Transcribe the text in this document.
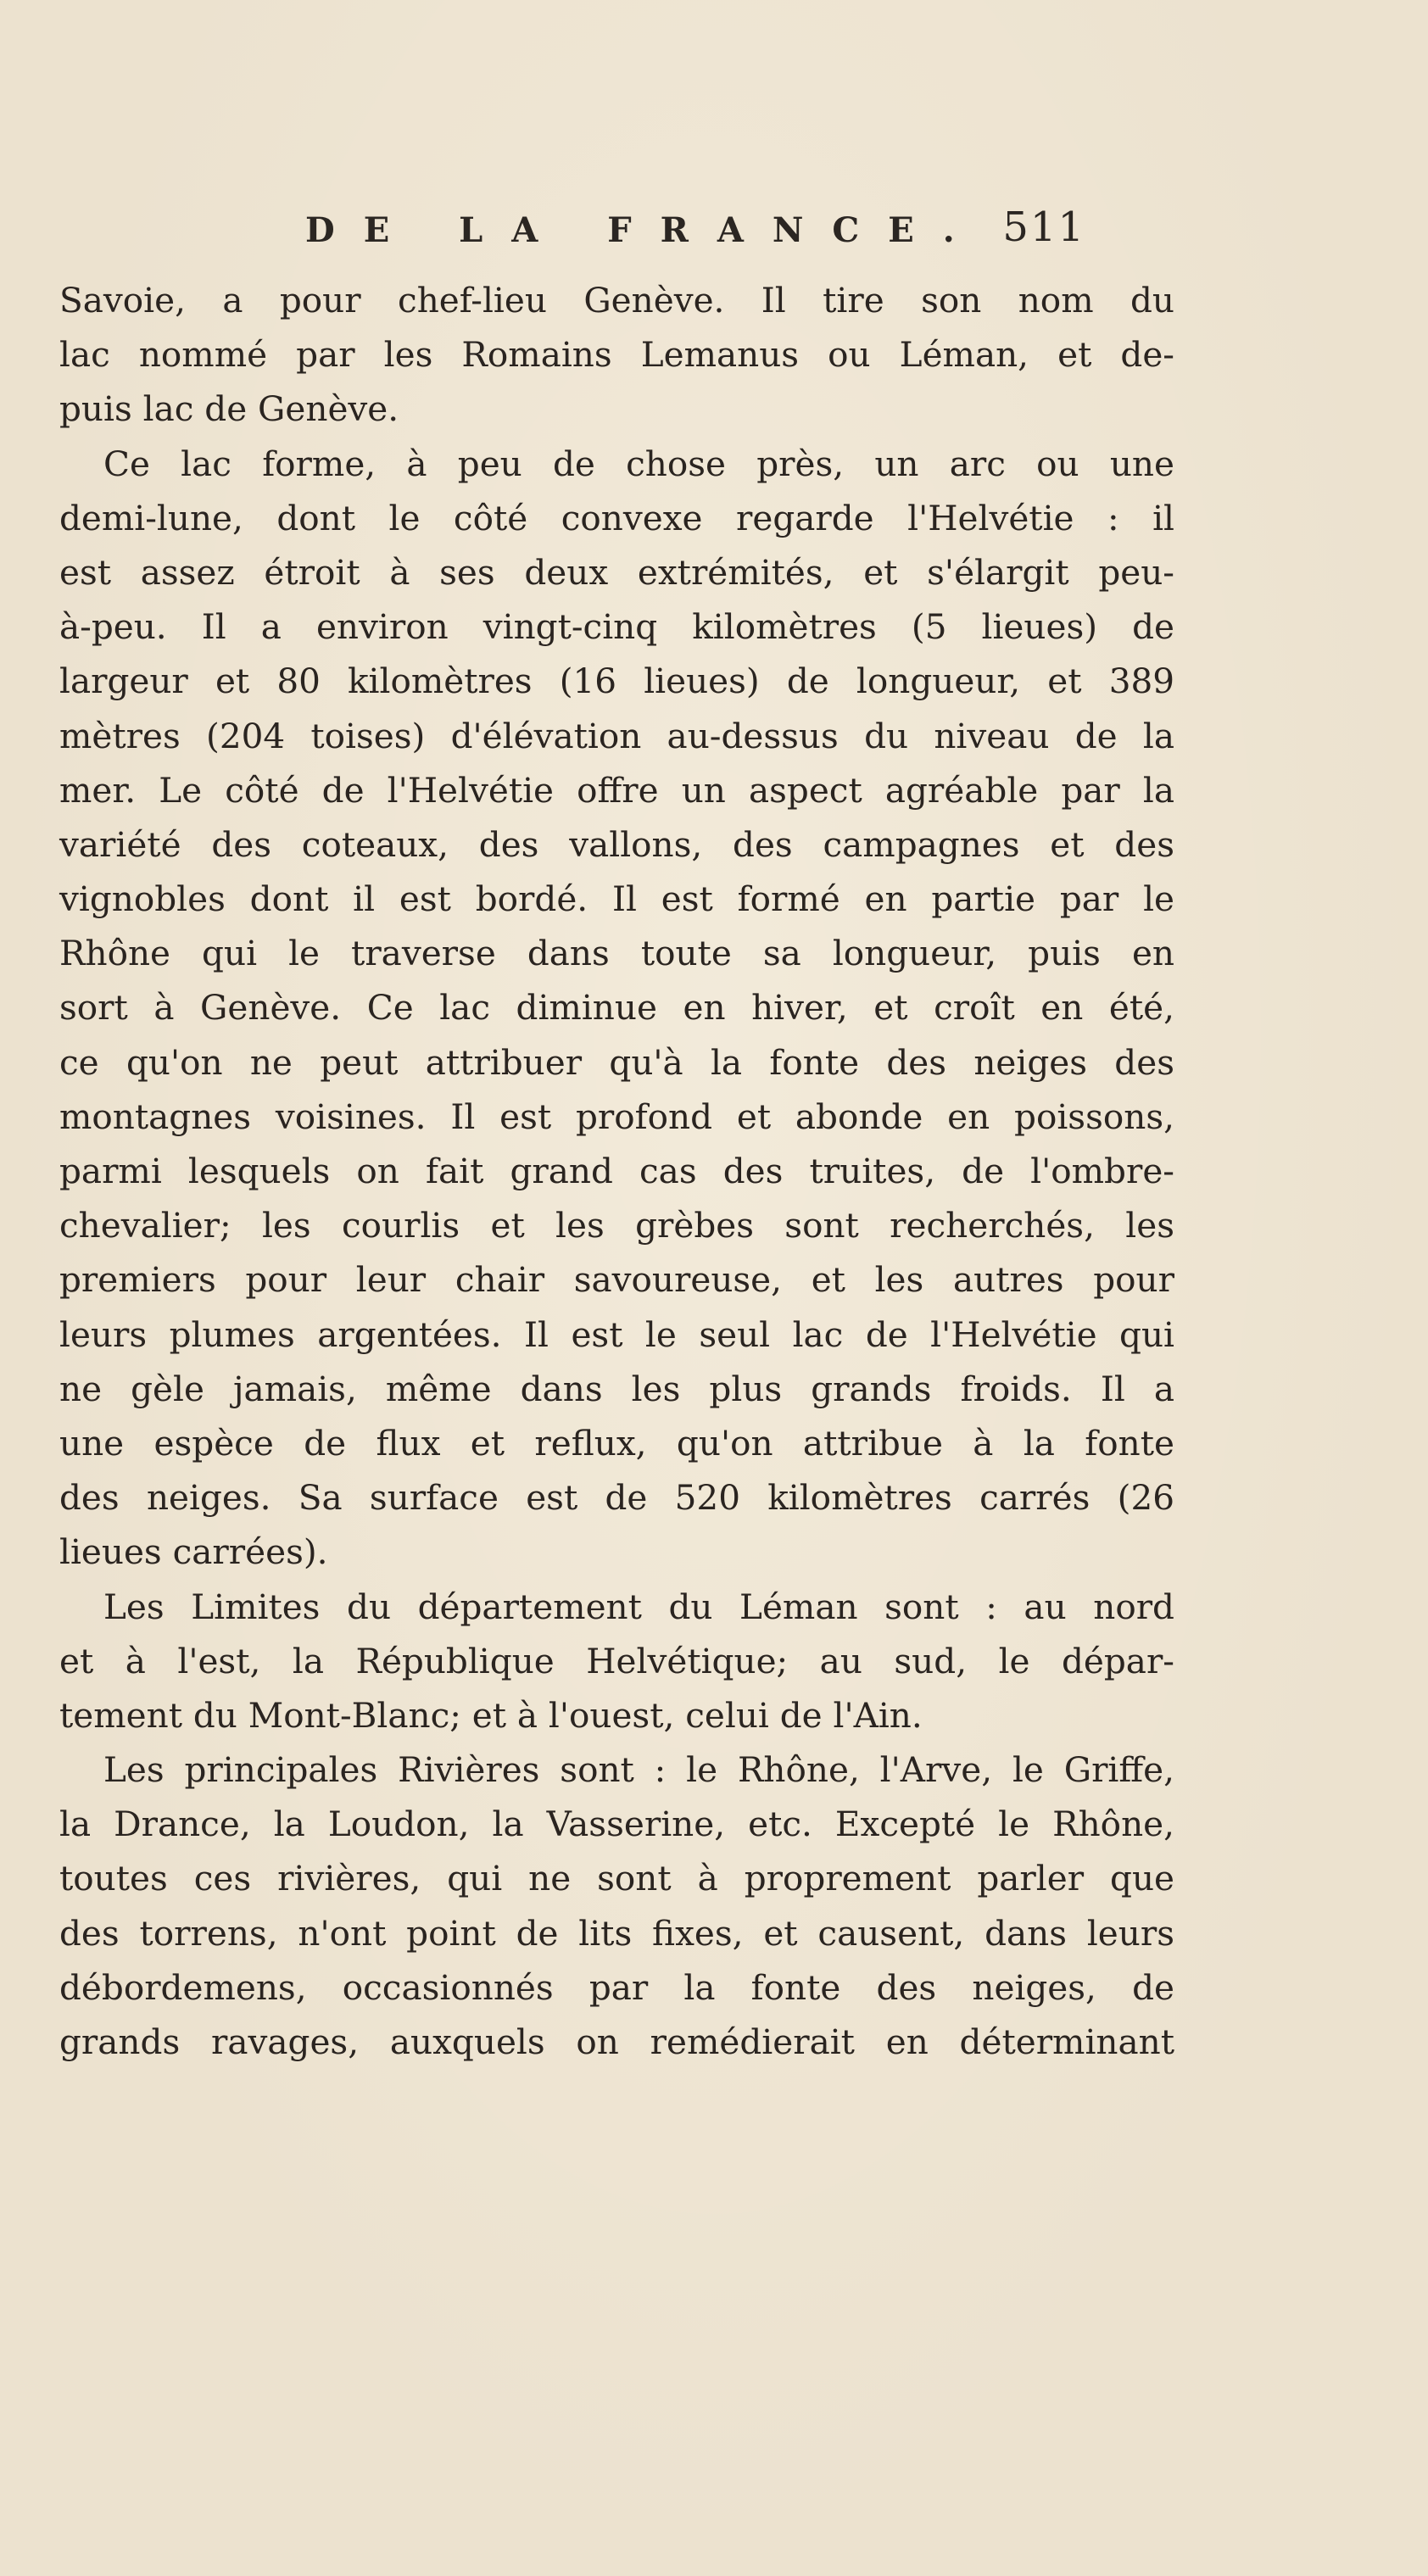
DE LA FRANCE. 511
Savoie, a pour chef-lieu Genève. Il tire son nom du
lac nommé par les Romains Lemanus ou Léman, et de-
puis lac de Genève.
Ce lac forme, à peu de chose près, un arc ou une
demi-lune, dont le côté convexe regarde l'Helvétie : il
est assez étroit à ses deux extrémités, et s'élargit peu-
à-peu. Il a environ vingt-cinq kilomètres (5 lieues) de
largeur et 80 kilomètres (16 lieues) de longueur, et 389
mètres (204 toises) d'élévation au-dessus du niveau de la
mer. Le côté de l'Helvétie offre un aspect agréable par la
variété des coteaux, des vallons, des campagnes et des
vignobles dont il est bordé. Il est formé en partie par le
Rhône qui le traverse dans toute sa longueur, puis en
sort à Genève. Ce lac diminue en hiver, et croît en été,
ce qu'on ne peut attribuer qu'à la fonte des neiges des
montagnes voisines. Il est profond et abonde en poissons,
parmi lesquels on fait grand cas des truites, de l'ombre-
chevalier; les courlis et les grèbes sont recherchés, les
premiers pour leur chair savoureuse, et les autres pour
leurs plumes argentées. Il est le seul lac de l'Helvétie qui
ne gèle jamais, même dans les plus grands froids. Il a
une espèce de flux et reflux, qu'on attribue à la fonte
des neiges. Sa surface est de 520 kilomètres carrés (26
lieues carrées).
Les Limites du département du Léman sont : au nord
et à l'est, la République Helvétique; au sud, le dépar-
tement du Mont-Blanc; et à l'ouest, celui de l'Ain.
Les principales Rivières sont : le Rhône, l'Arve, le Griffe,
la Drance, la Loudon, la Vasserine, etc. Excepté le Rhône,
toutes ces rivières, qui ne sont à proprement parler que
des torrens, n'ont point de lits fixes, et causent, dans leurs
débordemens, occasionnés par la fonte des neiges, de
grands ravages, auxquels on remédierait en déterminant
